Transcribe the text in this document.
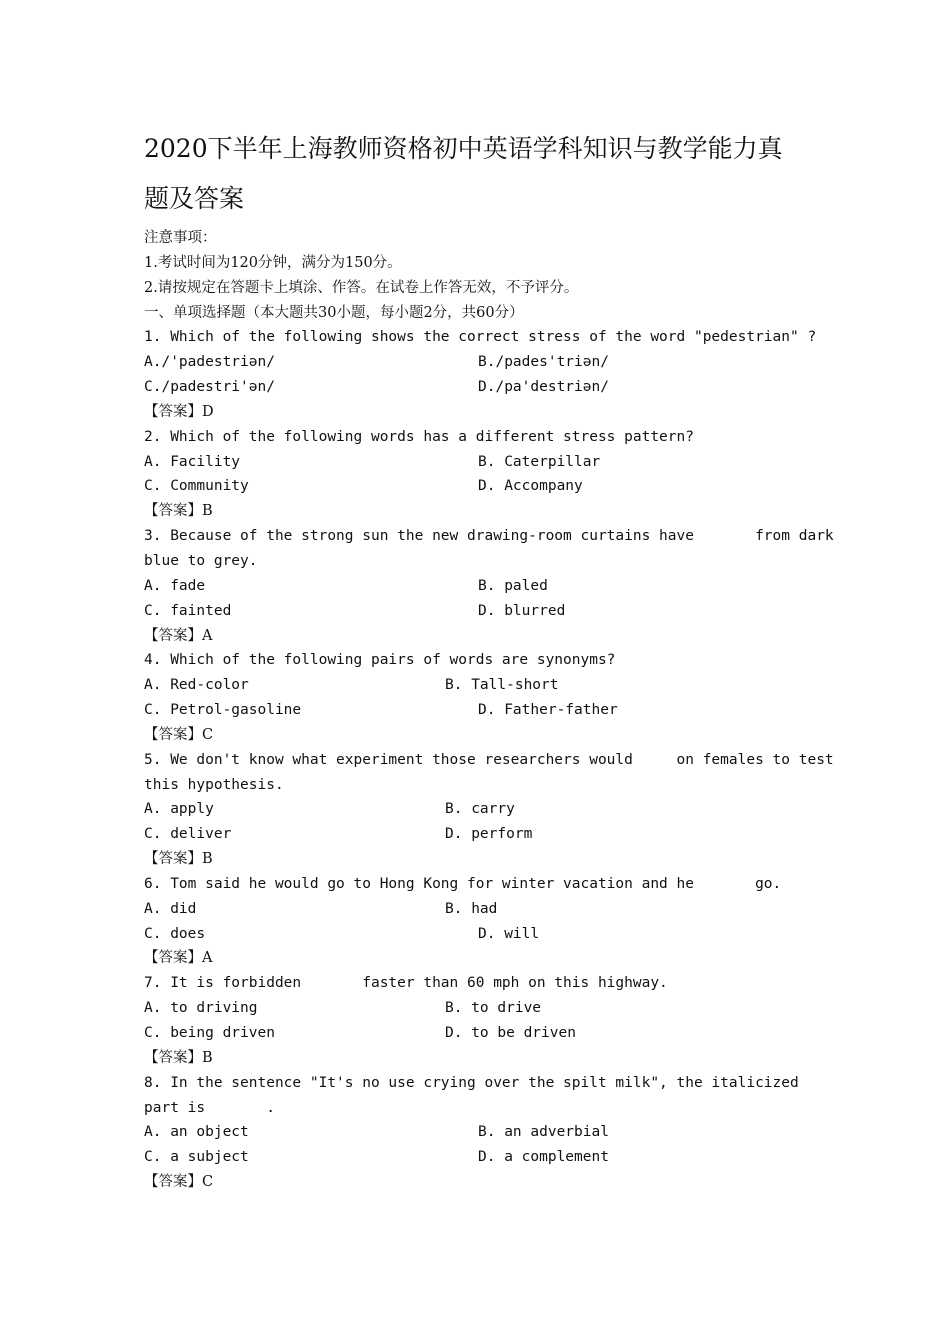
2020下半年上海教师资格初中英语学科知识与教学能力真
题及答案
注意事项：
1.考试时间为120分钟，满分为150分。
2.请按规定在答题卡上填涂、作答。在试卷上作答无效，不予评分。
一、单项选择题（本大题共30小题，每小题2分，共60分）
1. Which of the following shows the correct stress of the word "pedestrian" ?

A./'padestriən/

	B./pades'triən/

C./padestri'ən/

	D./pa'destriən/

【答案】D
2. Which of the following words has a different stress pattern?

A. Facility

	B. Caterpillar

C. Community

	D. Accompany

【答案】B
3. Because of the strong sun the new drawing-room curtains have       from dark
blue to grey.

A. fade

	B. paled

C. fainted

	D. blurred

【答案】A
4. Which of the following pairs of words are synonyms?

A. Red-color

	B. Tall-short

C. Petrol-gasoline

	D. Father-father

【答案】C
5. We don't know what experiment those researchers would     on females to test
this hypothesis.

A. apply

	B. carry

C. deliver

	D. perform

【答案】B
6. Tom said he would go to Hong Kong for winter vacation and he       go.

A. did

	B. had

C. does

	D. will

【答案】A
7. It is forbidden       faster than 60 mph on this highway.

A. to driving

	B. to drive

C. being driven

	D. to be driven

【答案】B
8. In the sentence "It's no use crying over the spilt milk", the italicized
part is       .

A. an object

	B. an adverbial

C. a subject

	D. a complement

【答案】C
